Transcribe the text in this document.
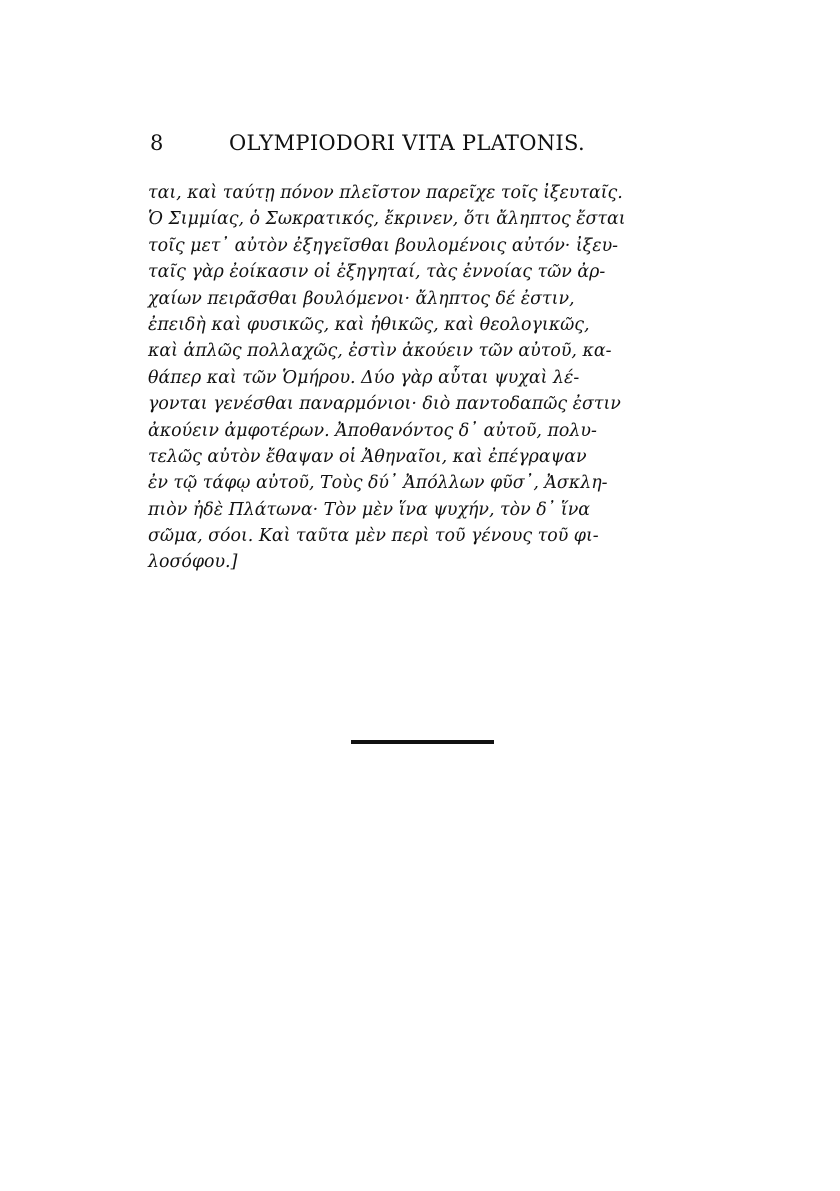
8	OLYMPIODORI VITA PLATONIS.
ται, καὶ ταύτῃ πόνον πλεῖστον παρεῖχε τοῖς ἰξευταῖς.
Ὁ Σιμμίας, ὁ Σωκρατικός, ἔκρινεν, ὅτι ἄληπτος ἔσται
τοῖς μετ᾽ αὐτὸν ἐξηγεῖσθαι βουλομένοις αὐτόν· ἰξευ-
ταῖς γὰρ ἐοίκασιν οἱ ἐξηγηταί, τὰς ἐννοίας τῶν ἀρ-
χαίων πειρᾶσθαι βουλόμενοι· ἄληπτος δέ ἐστιν,
ἐπειδὴ καὶ φυσικῶς, καὶ ἠθικῶς, καὶ θεολογικῶς,
καὶ ἁπλῶς πολλαχῶς, ἐστὶν ἀκούειν τῶν αὐτοῦ, κα-
θάπερ καὶ τῶν Ὁμήρου. Δύο γὰρ αὗται ψυχαὶ λέ-
γονται γενέσθαι παναρμόνιοι· διὸ παντοδαπῶς ἐστιν
ἀκούειν ἀμφοτέρων. Ἀποθανόντος δ᾽ αὐτοῦ, πολυ-
τελῶς αὐτὸν ἔθαψαν οἱ Ἀθηναῖοι, καὶ ἐπέγραψαν
ἐν τῷ τάφῳ αὐτοῦ, Τοὺς δύ᾽ Ἀπόλλων φῦσ᾽, Ἀσκλη-
πιὸν ἠδὲ Πλάτωνα· Τὸν μὲν ἵνα ψυχήν, τὸν δ᾽ ἵνα
σῶμα, σόοι. Καὶ ταῦτα μὲν περὶ τοῦ γένους τοῦ φι-
λοσόφου.]
